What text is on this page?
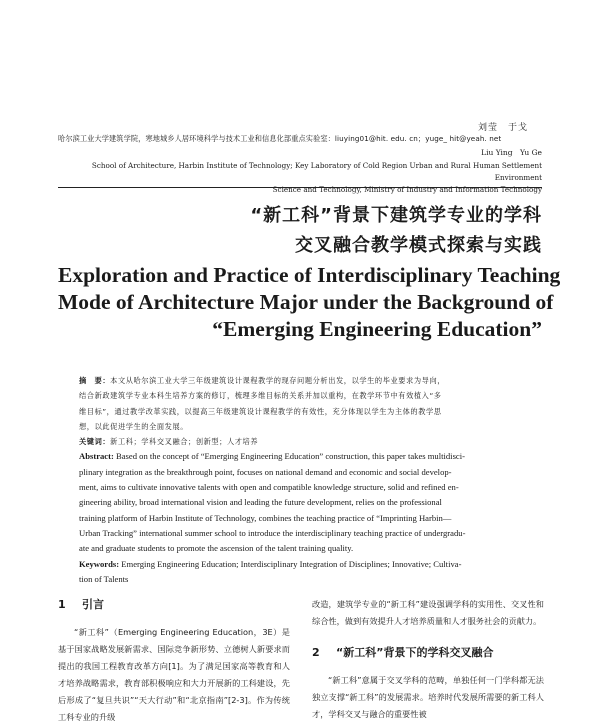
刘莹　于戈
哈尔滨工业大学建筑学院，寒地城乡人居环境科学与技术工业和信息化部重点实验室：liuying01@hit. edu. cn；yuge_ hit@yeah. net
Liu Ying　Yu Ge
School of Architecture, Harbin Institute of Technology; Key Laboratory of Cold Region Urban and Rural Human Settlement Environment
Science and Technology, Ministry of Industry and Information Technology
“新工科”背景下建筑学专业的学科
交叉融合教学模式探索与实践
Exploration and Practice of Interdisciplinary Teaching
Mode of Architecture Major under the Background of
“Emerging Engineering Education”
摘　要：本文从哈尔滨工业大学三年级建筑设计课程教学的现存问题分析出发，以学生的毕业要求为导向，
结合新政建筑学专业本科生培养方案的修订，梳理多维目标的关系并加以重构，在教学环节中有效植入“多
维目标”，通过教学改革实践，以提高三年级建筑设计课程教学的有效性，充分体现以学生为主体的教学思
想，以此促进学生的全面发展。
关键词：新工科；学科交叉融合；创新型；人才培养
Abstract: Based on the concept of “Emerging Engineering Education” construction, this paper takes multidisci-
plinary integration as the breakthrough point, focuses on national demand and economic and social develop-
ment, aims to cultivate innovative talents with open and compatible knowledge structure, solid and refined en-
gineering ability, broad international vision and leading the future development, relies on the professional
training platform of Harbin Institute of Technology, combines the teaching practice of “Imprinting Harbin—
Urban Tracking” international summer school to introduce the interdisciplinary teaching practice of undergradu-
ate and graduate students to promote the ascension of the talent training quality.
Keywords: Emerging Engineering Education; Interdisciplinary Integration of Disciplines; Innovative; Cultiva-
tion of Talents
1 引言
“新工科”（Emerging Engineering Education，3E）是基于国家战略发展新需求、国际竞争新形势、立德树人新要求而提出的我国工程教育改革方向[1]。为了满足国家高等教育和人才培养战略需求，教育部积极响应和大力开展新的工科建设，先后形成了“复旦共识”“天大行动”和“北京指南”[2-3]。作为传统工科专业的升级
改造，建筑学专业的“新工科”建设强调学科的实用性、交叉性和综合性，做到有效提升人才培养质量和人才服务社会的贡献力。
2 “新工科”背景下的学科交叉融合
“新工科”意属于交叉学科的范畴，单独任何一门学科都无法独立支撑“新工科”的发展需求。培养时代发展所需要的新工科人才，学科交叉与融合的重要性被
